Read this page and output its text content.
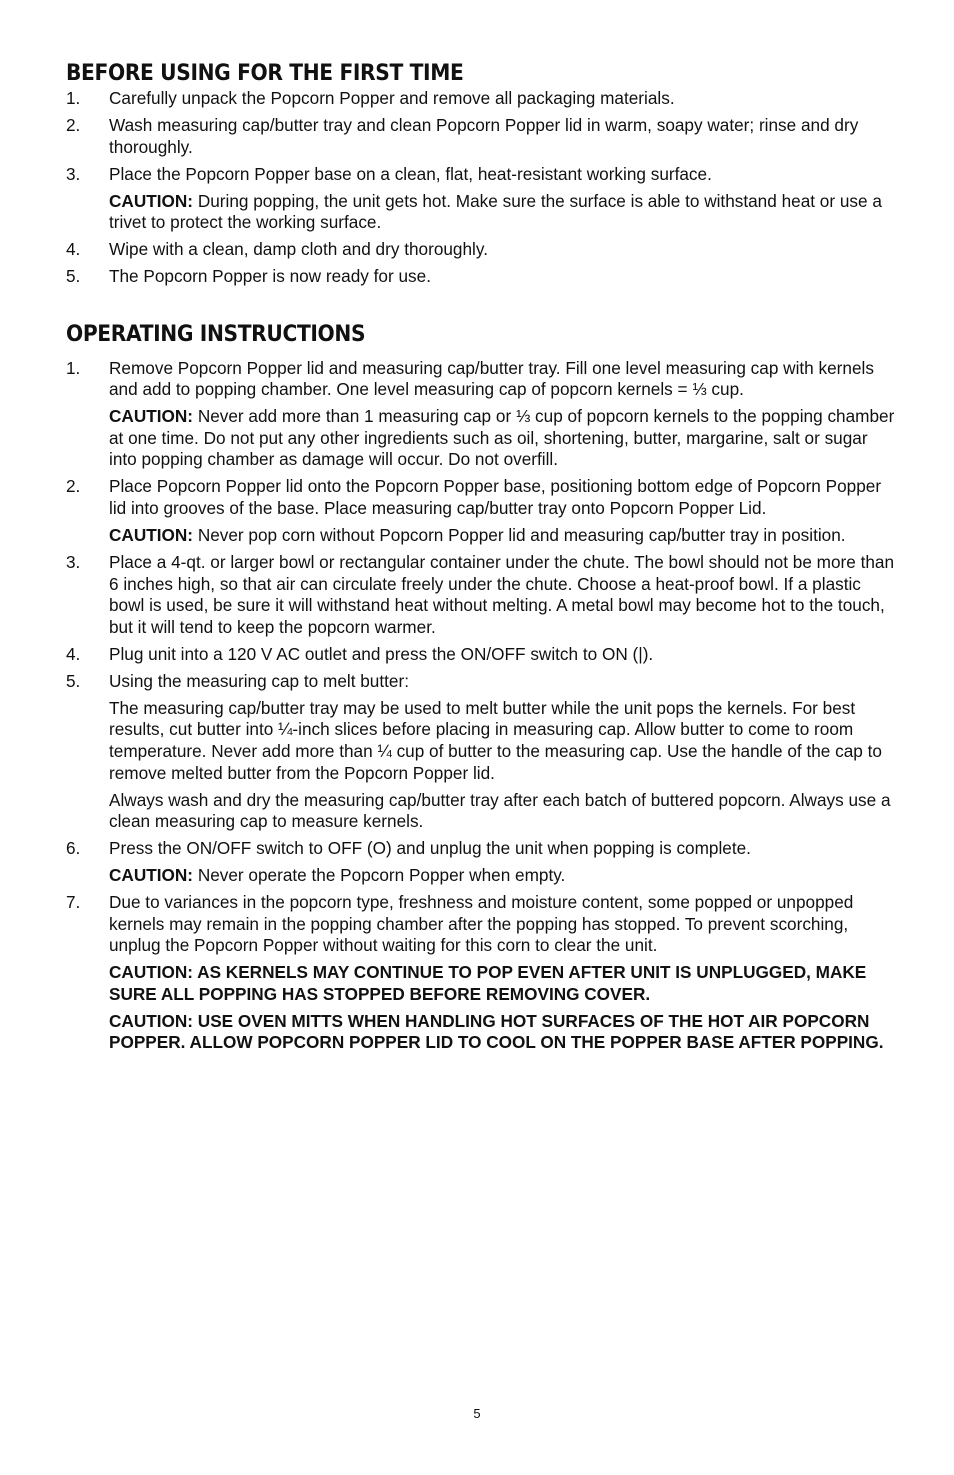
BEFORE USING FOR THE FIRST TIME
1.	Carefully unpack the Popcorn Popper and remove all packaging materials.
2.	Wash measuring cap/butter tray and clean Popcorn Popper lid in warm, soapy water; rinse and dry thoroughly.
3.	Place the Popcorn Popper base on a clean, flat, heat-resistant working surface.

CAUTION: During popping, the unit gets hot. Make sure the surface is able to withstand heat or use a trivet to protect the working surface.

4.	Wipe with a clean, damp cloth and dry thoroughly.
5.	The Popcorn Popper is now ready for use.
OPERATING INSTRUCTIONS
1.	Remove Popcorn Popper lid and measuring cap/butter tray. Fill one level measuring cap with kernels and add to popping chamber. One level measuring cap of popcorn kernels = ⅓ cup.

CAUTION: Never add more than 1 measuring cap or ⅓ cup of popcorn kernels to the popping chamber at one time. Do not put any other ingredients such as oil, shortening, butter, margarine, salt or sugar into popping chamber as damage will occur. Do not overfill.

2.	Place Popcorn Popper lid onto the Popcorn Popper base, positioning bottom edge of Popcorn Popper lid into grooves of the base. Place measuring cap/butter tray onto Popcorn Popper Lid.

CAUTION: Never pop corn without Popcorn Popper lid and measuring cap/butter tray in position.

3.	Place a 4-qt. or larger bowl or rectangular container under the chute. The bowl should not be more than 6 inches high, so that air can circulate freely under the chute. Choose a heat-proof bowl. If a plastic bowl is used, be sure it will withstand heat without melting. A metal bowl may become hot to the touch, but it will tend to keep the popcorn warmer.
4.	Plug unit into a 120 V AC outlet and press the ON/OFF switch to ON (|).
5.	Using the measuring cap to melt butter:

The measuring cap/butter tray may be used to melt butter while the unit pops the kernels. For best results, cut butter into ¼-inch slices before placing in measuring cap. Allow butter to come to room temperature. Never add more than ¼ cup of butter to the measuring cap. Use the handle of the cap to remove melted butter from the Popcorn Popper lid.

Always wash and dry the measuring cap/butter tray after each batch of buttered popcorn. Always use a clean measuring cap to measure kernels.

6.	Press the ON/OFF switch to OFF (O) and unplug the unit when popping is complete.

CAUTION: Never operate the Popcorn Popper when empty.

7.	Due to variances in the popcorn type, freshness and moisture content, some popped or unpopped kernels may remain in the popping chamber after the popping has stopped. To prevent scorching, unplug the Popcorn Popper without waiting for this corn to clear the unit.

CAUTION: AS KERNELS MAY CONTINUE TO POP EVEN AFTER UNIT IS UNPLUGGED, MAKE SURE ALL POPPING HAS STOPPED BEFORE REMOVING COVER.

CAUTION: USE OVEN MITTS WHEN HANDLING HOT SURFACES OF THE HOT AIR POPCORN POPPER. ALLOW POPCORN POPPER LID TO COOL ON THE POPPER BASE AFTER POPPING.

5
